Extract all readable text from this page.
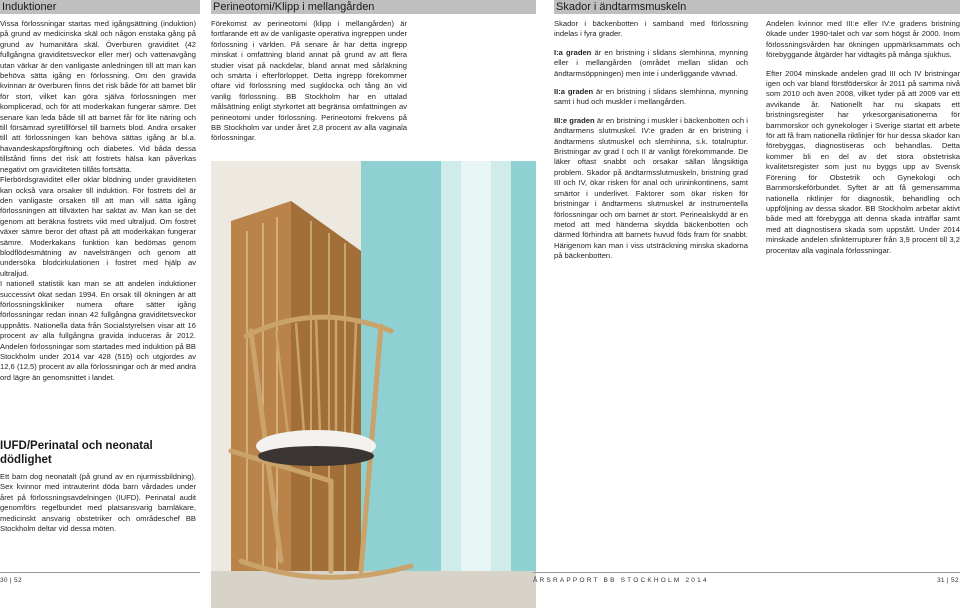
Induktioner	Perineotomi/Klipp i mellangården	Skador i ändtarmsmuskeln

Vissa förlossningar startas med igångsättning (induktion) på grund av medicinska skäl och någon enstaka gång på grund av humanitära skäl. Överburen graviditet (42 fullgångna graviditetsveckor eller mer) och vattenavgång utan värkar är den vanligaste anledningen till att man kan behöva sätta igång en förlossning. Om den gravida kvinnan är överburen finns det risk både för att barnet blir för stort, vilket kan göra själva förlossningen mer komplicerad, och för att moderkakan fungerar sämre. Det senare kan leda både till att barnet får för lite näring och till försämrad syretillförsel till barnets blod. Andra orsaker till att förlossningen kan behöva sättas igång är bl.a. havandeskapsförgiftning och diabetes. Vid båda dessa tillstånd finns det risk att fostrets hälsa kan påverkas negativt om graviditeten tillåts fortsätta.

Flerbördsgraviditet eller oklar blödning under graviditeten kan också vara orsaker till induktion. För fostrets del är den vanligaste orsaken till att man vill sätta igång förlossningen att tillväxten har saktat av. Man kan se det genom att beräkna fostrets vikt med ultraljud. Om fostret växer sämre beror det oftast på att moderkakan fungerar sämre. Moderkakans funktion kan bedömas genom blodflödesmätning av navelsträngen och genom att undersöka blodcirkulationen i fostret med hjälp av ultraljud.

I nationell statistik kan man se att andelen induktioner successivt ökat sedan 1994. En orsak till ökningen är att förlossningskliniker numera oftare sätter igång förlossningar redan innan 42 fullgångna graviditetsveckor uppnåtts. Nationella data från Socialstyrelsen visar att 16 procent av alla fullgångna gravida induceras år 2012. Andelen förlossningar som startades med induktion på BB Stockholm under 2014 var 428 (515) och utgjordes av 12,6 (12,5) procent av alla förlossningar och är med andra ord lägre än genomsnittet i landet.

IUFD/Perinatal och neonatal dödlighet

Ett barn dog neonatalt (på grund av en njurmissbildning). Sex kvinnor med intrauterint döda barn vårdades under året på förlossningsavdelningen (IUFD). Perinatal audit genomförs regelbundet med platsansvarig barnläkare, medicinskt ansvarig obstetriker och områdeschef BB Stockholm deltar vid dessa möten.

Förekomst av perineotomi (klipp i mellangården) är fortfarande ett av de vanligaste operativa ingreppen under förlossning i världen. På senare år har detta ingrepp minskat i omfattning bland annat på grund av att flera studier visat på nackdelar, bland annat med sårläkning och smärta i efterförloppet. Detta ingrepp förekommer oftare vid förlossning med sugklocka och tång än vid vanlig förlossning. BB Stockholm har en uttalad målsättning enligt styrkortet att begränsa omfattningen av perineotomi under förlossning. Perineotomi frekvens på BB Stockholm var under året 2,8 procent av alla vaginala förlossningar.

Skador i bäckenbotten i samband med förlossning indelas i fyra grader.

I:a graden är en bristning i slidans slemhinna, mynning eller i mellangården (området mellan slidan och ändtarmsöppningen) men inte i underliggande vävnad.

II:a graden är en bristning i slidans slemhinna, mynning samt i hud och muskler i mellangården.

III:e graden är en bristning i muskler i bäckenbotten och i ändtarmens slutmuskel. IV:e graden är en bristning i ändtarmens slutmuskel och slemhinna, s.k. totalruptur. Bristningar av grad I och II är vanligt förekommande. De läker oftast snabbt och orsakar sällan långsiktiga problem. Skador på ändtarmsslutmuskeln, bristning grad III och IV, ökar risken för anal och urininkontinens, samt smärtor i underlivet. Faktorer som ökar risken för bristningar i ändtarmens slutmuskel är instrumentella förlossningar och om barnet är stort. Perinealskydd är en metod att med händerna skydda bäckenbotten och därmed förhindra att barnets huvud föds fram för snabbt. Härigenom kan man i viss utsträckning minska skadorna på bäckenbotten.

Andelen kvinnor med III:e eller IV:e gradens bristning ökade under 1990-talet och var som högst år 2000. Inom förlossningsvården har ökningen uppmärksammats och förebyggande åtgärder har vidtagits på många sjukhus.

Efter 2004 minskade andelen grad III och IV bristningar igen och var bland förstföderskor år 2011 på samma nivå som 2010 och även 2008, vilket tyder på att 2009 var ett avvikande år. Nationellt har nu skapats ett bristningsregister har yrkesorganisationerna för barnmorskor och gynekologer i Sverige startat ett arbete för att få fram nationella riktlinjer för hur dessa skador kan förebyggas, diagnostiseras och behandlas. Detta kommer bli en del av det stora obstetriska kvalitetsregister som just nu byggs upp av Svensk Förening för Obstetrik och Gynekologi och Barnmorskeförbundet. Syftet är att få gemensamma nationella riktlinjer för diagnostik, behandling och uppföljning av dessa skador. BB Stockholm arbetar aktivt både med att förebygga att denna skada inträffar samt med att diagnostisera skada som uppstått. Under 2014 minskade andelen sfinkterrupturer från 3,9 procent till 3,2 procentav alla vaginala förlossningar.

30 | 52	ÅRSRAPPORT BB STOCKHOLM 2014	31 | 52
